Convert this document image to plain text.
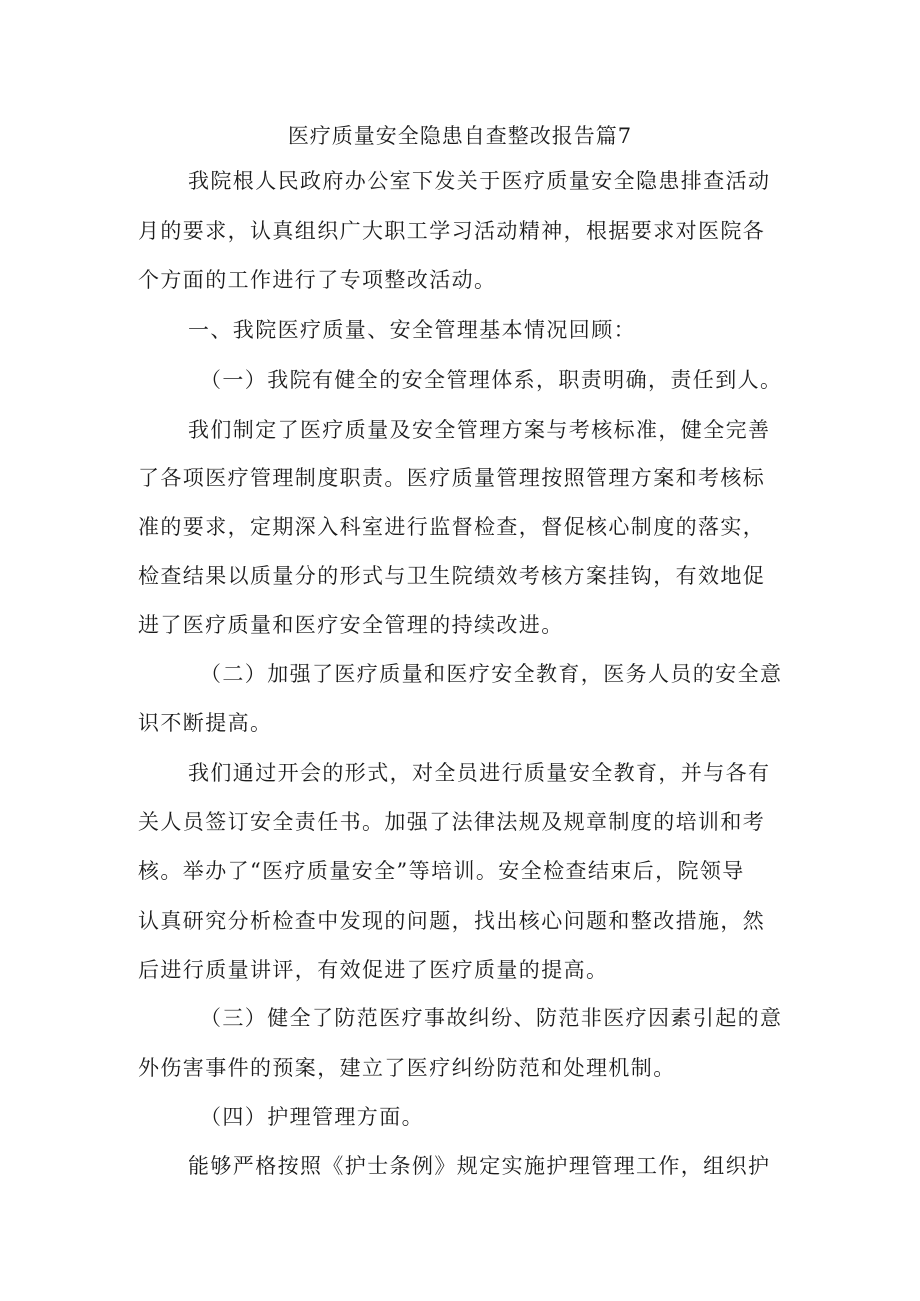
医疗质量安全隐患自查整改报告篇7
我院根人民政府办公室下发关于医疗质量安全隐患排查活动
月的要求，认真组织广大职工学习活动精神，根据要求对医院各
个方面的工作进行了专项整改活动。
一、我院医疗质量、安全管理基本情况回顾：
（一）我院有健全的安全管理体系，职责明确，责任到人。
我们制定了医疗质量及安全管理方案与考核标准，健全完善
了各项医疗管理制度职责。医疗质量管理按照管理方案和考核标
准的要求，定期深入科室进行监督检查，督促核心制度的落实，
检查结果以质量分的形式与卫生院绩效考核方案挂钩，有效地促
进了医疗质量和医疗安全管理的持续改进。
（二）加强了医疗质量和医疗安全教育，医务人员的安全意
识不断提高。
我们通过开会的形式，对全员进行质量安全教育，并与各有
关人员签订安全责任书。加强了法律法规及规章制度的培训和考
核。举办了“医疗质量安全”等培训。安全检查结束后，院领导
认真研究分析检查中发现的问题，找出核心问题和整改措施，然
后进行质量讲评，有效促进了医疗质量的提高。
（三）健全了防范医疗事故纠纷、防范非医疗因素引起的意
外伤害事件的预案，建立了医疗纠纷防范和处理机制。
（四）护理管理方面。
能够严格按照《护士条例》规定实施护理管理工作，组织护
